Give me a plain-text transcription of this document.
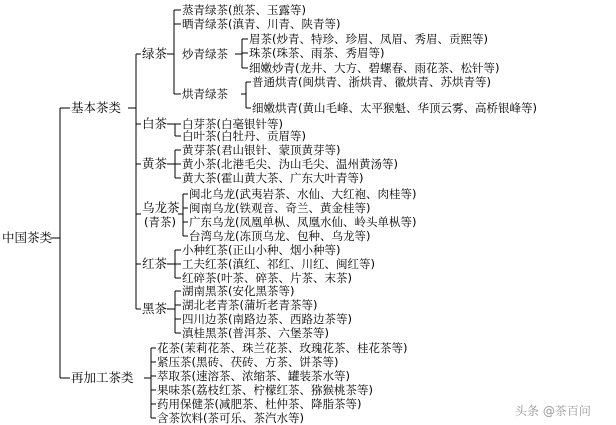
中国茶类
基本茶类
再加工茶类
绿茶
白茶
黄茶
乌龙茶
(青茶)
红茶
黑茶
蒸青绿茶(煎茶、玉露等)
晒青绿茶(滇青、川青、陕青等)
炒青绿茶
眉茶(炒青、特珍、珍眉、凤眉、秀眉、贡熙等)
珠茶(珠茶、雨茶、秀眉等)
细嫩炒青(龙井、大方、碧螺春、雨花茶、松针等)
烘青绿茶
普通烘青(闽烘青、浙烘青、徽烘青、苏烘青等)
细嫩烘青(黄山毛峰、太平猴魁、华顶云雾、高桥银峰等)
白芽茶(白毫银针等)
白叶茶(白牡丹、贡眉等)
黄芽茶(君山银针、蒙顶黄芽等)
黄小茶(北港毛尖、沩山毛尖、温州黄汤等)
黄大茶(霍山黄大茶、广东大叶青等)
闽北乌龙(武夷岩茶、水仙、大红袍、肉桂等)
闽南乌龙(铁观音、奇兰、黄金桂等)
广东乌龙(凤凰单枞、凤凰水仙、岭头单枞等)
台湾乌龙(冻顶乌龙、包种、乌龙等)
小种红茶(正山小种、烟小种等)
工夫红茶(滇红、祁红、川红、闽红等)
红碎茶(叶茶、碎茶、片茶、末茶)
湖南黑茶(安化黑茶等)
湖北老青茶(蒲圻老青茶等)
四川边茶(南路边茶、西路边茶等)
滇桂黑茶(普洱茶、六堡茶等)
花茶(茉莉花茶、珠兰花茶、玫瑰花茶、桂花茶等)
紧压茶(黑砖、茯砖、方茶、饼茶等)
萃取茶(速溶茶、浓缩茶、罐装茶水等)
果味茶(荔枝红茶、柠檬红茶、猕猴桃茶等)
药用保健茶(减肥茶、杜仲茶、降脂茶等)
含茶饮料(茶可乐、茶汽水等)	头条 @茶百问
